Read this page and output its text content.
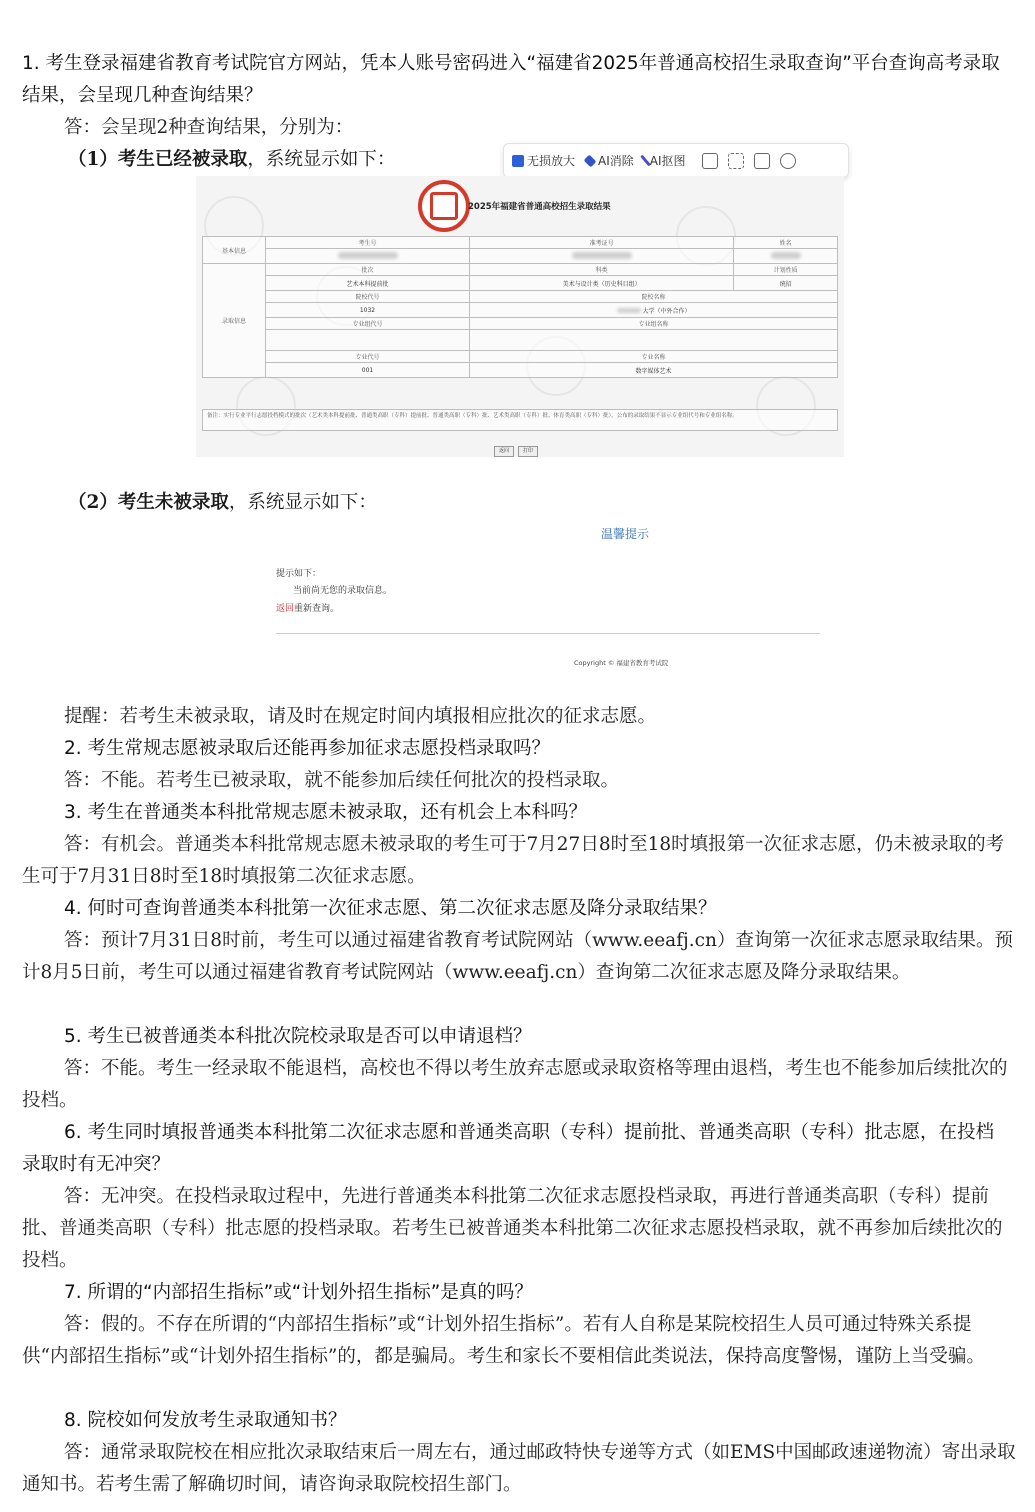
1. 考生登录福建省教育考试院官方网站，凭本人账号密码进入“福建省2025年普通高校招生录取查询”平台查询高考录取结果，会呈现几种查询结果？
答：会呈现2种查询结果，分别为：
（1）考生已经被录取，系统显示如下：	无损放大 AI消除 AI抠图
2025年福建省普通高校招生录取结果
基本信息	考生号	准考证号	姓名

录取信息	批次	科类	计划性质
	艺术本科提前批	美术与设计类（历史科目组）	统招
	院校代号	院校名称	
	1032	大学（中外合作）	
	专业组代号	专业组名称	

	专业代号	专业名称	
	001	数字媒体艺术	
备注：实行专业平行志愿投档模式的批次（艺术类本科提前批、普通类高职（专科）提前批、普通类高职（专科）批、艺术类高职（专科）批、体育类高职（专科）批），公布的录取结果不显示专业组代号和专业组名称。
返回	打印
（2）考生未被录取，系统显示如下：
温馨提示
提示如下：
当前尚无您的录取信息。
返回重新查询。
Copyright © 福建省教育考试院
提醒：若考生未被录取，请及时在规定时间内填报相应批次的征求志愿。
2. 考生常规志愿被录取后还能再参加征求志愿投档录取吗？
答：不能。若考生已被录取，就不能参加后续任何批次的投档录取。
3. 考生在普通类本科批常规志愿未被录取，还有机会上本科吗？
答：有机会。普通类本科批常规志愿未被录取的考生可于7月27日8时至18时填报第一次征求志愿，仍未被录取的考生可于7月31日8时至18时填报第二次征求志愿。
4. 何时可查询普通类本科批第一次征求志愿、第二次征求志愿及降分录取结果？
答：预计7月31日8时前，考生可以通过福建省教育考试院网站（www.eeafj.cn）查询第一次征求志愿录取结果。预计8月5日前，考生可以通过福建省教育考试院网站（www.eeafj.cn）查询第二次征求志愿及降分录取结果。
5. 考生已被普通类本科批次院校录取是否可以申请退档？
答：不能。考生一经录取不能退档，高校也不得以考生放弃志愿或录取资格等理由退档，考生也不能参加后续批次的投档。
6. 考生同时填报普通类本科批第二次征求志愿和普通类高职（专科）提前批、普通类高职（专科）批志愿，在投档录取时有无冲突？
答：无冲突。在投档录取过程中，先进行普通类本科批第二次征求志愿投档录取，再进行普通类高职（专科）提前批、普通类高职（专科）批志愿的投档录取。若考生已被普通类本科批第二次征求志愿投档录取，就不再参加后续批次的投档。
7. 所谓的“内部招生指标”或“计划外招生指标”是真的吗？
答：假的。不存在所谓的“内部招生指标”或“计划外招生指标”。若有人自称是某院校招生人员可通过特殊关系提供“内部招生指标”或“计划外招生指标”的，都是骗局。考生和家长不要相信此类说法，保持高度警惕，谨防上当受骗。
8. 院校如何发放考生录取通知书？
答：通常录取院校在相应批次录取结束后一周左右，通过邮政特快专递等方式（如EMS中国邮政速递物流）寄出录取通知书。若考生需了解确切时间，请咨询录取院校招生部门。
